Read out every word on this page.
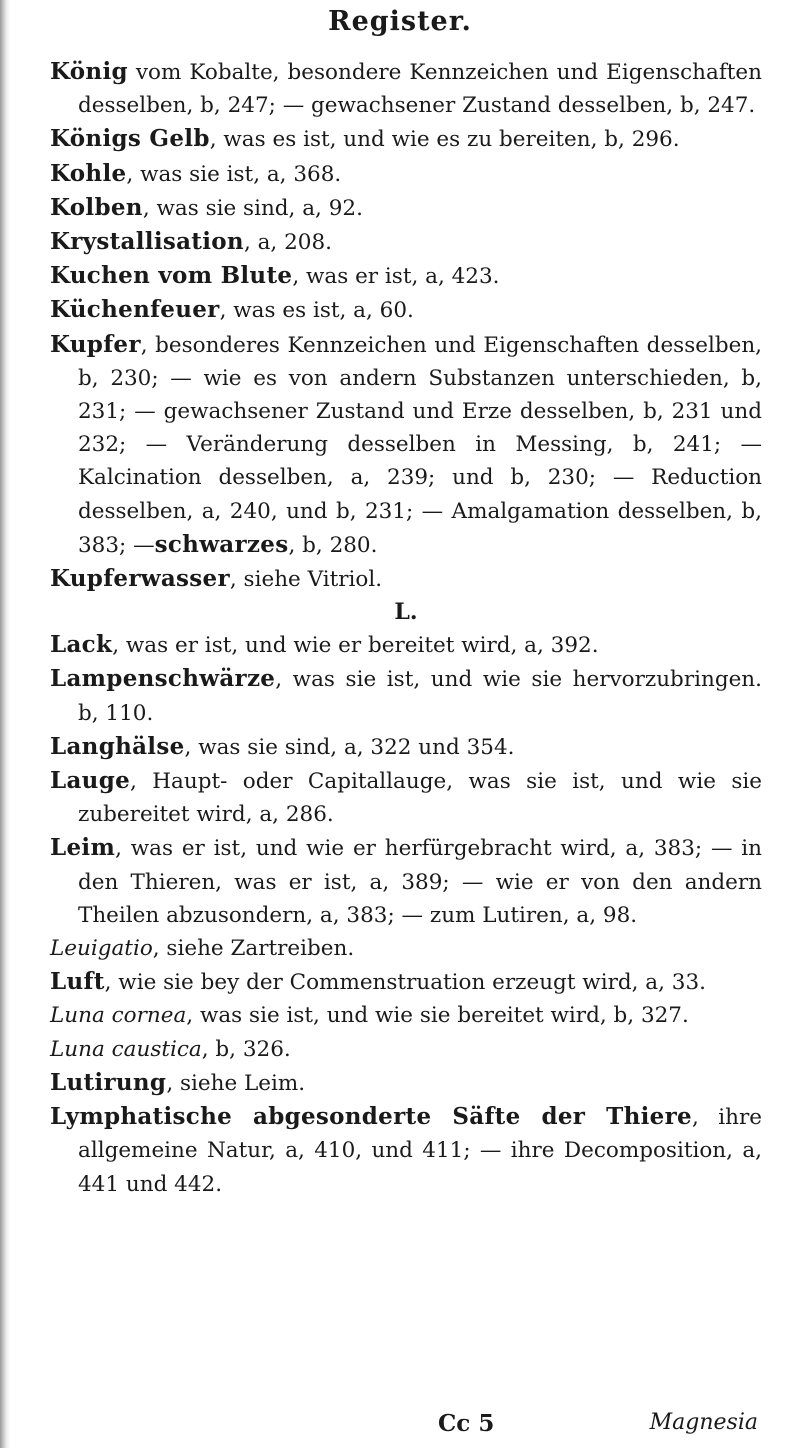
Register.
König vom Kobalte, besondere Kennzeichen und Eigenschaften desselben, b, 247; — gewachsener Zustand desselben, b, 247.
Königs Gelb, was es ist, und wie es zu bereiten, b, 296.
Kohle, was sie ist, a, 368.
Kolben, was sie sind, a, 92.
Krystallisation, a, 208.
Kuchen vom Blute, was er ist, a, 423.
Küchenfeuer, was es ist, a, 60.
Kupfer, besonderes Kennzeichen und Eigenschaften desselben, b, 230; — wie es von andern Substanzen unterschieden, b, 231; — gewachsener Zustand und Erze desselben, b, 231 und 232; — Veränderung desselben in Messing, b, 241; — Kalcination desselben, a, 239; und b, 230; — Reduction desselben, a, 240, und b, 231; — Amalgamation desselben, b, 383; —schwarzes, b, 280.
Kupferwasser, siehe Vitriol.
L.
Lack, was er ist, und wie er bereitet wird, a, 392.
Lampenschwärze, was sie ist, und wie sie hervorzubringen. b, 110.
Langhälse, was sie sind, a, 322 und 354.
Lauge, Haupt- oder Capitallauge, was sie ist, und wie sie zubereitet wird, a, 286.
Leim, was er ist, und wie er herfürgebracht wird, a, 383; — in den Thieren, was er ist, a, 389; — wie er von den andern Theilen abzusondern, a, 383; — zum Lutiren, a, 98.
Leuigatio, siehe Zartreiben.
Luft, wie sie bey der Commenstruation erzeugt wird, a, 33.
Luna cornea, was sie ist, und wie sie bereitet wird, b, 327.
Luna caustica, b, 326.
Lutirung, siehe Leim.
Lymphatische abgesonderte Säfte der Thiere, ihre allgemeine Natur, a, 410, und 411; — ihre Decomposition, a, 441 und 442.
Cc 5	Magnesia
